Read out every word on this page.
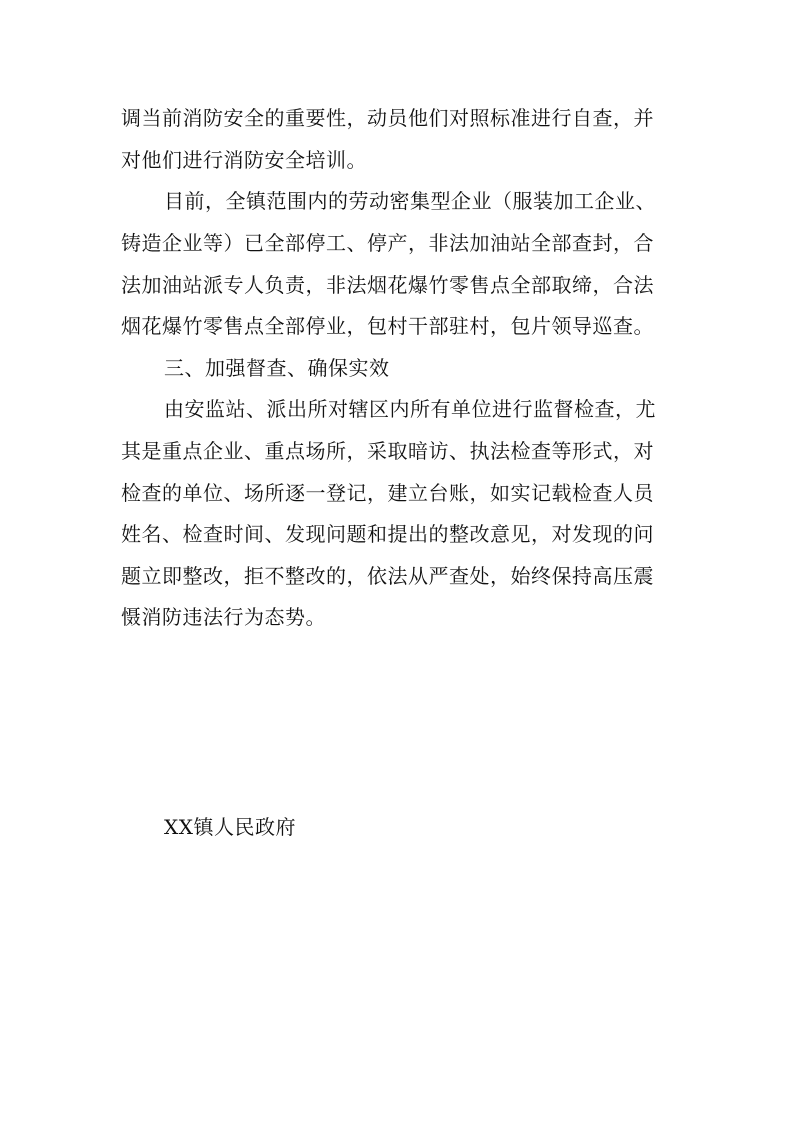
调当前消防安全的重要性，动员他们对照标准进行自查，并
对他们进行消防安全培训。
目前，全镇范围内的劳动密集型企业（服装加工企业、
铸造企业等）已全部停工、停产，非法加油站全部查封，合
法加油站派专人负责，非法烟花爆竹零售点全部取缔，合法
烟花爆竹零售点全部停业，包村干部驻村，包片领导巡查。
三、加强督查、确保实效
由安监站、派出所对辖区内所有单位进行监督检查，尤
其是重点企业、重点场所，采取暗访、执法检查等形式，对
检查的单位、场所逐一登记，建立台账，如实记载检查人员
姓名、检查时间、发现问题和提出的整改意见，对发现的问
题立即整改，拒不整改的，依法从严查处，始终保持高压震
慑消防违法行为态势。
XX镇人民政府
